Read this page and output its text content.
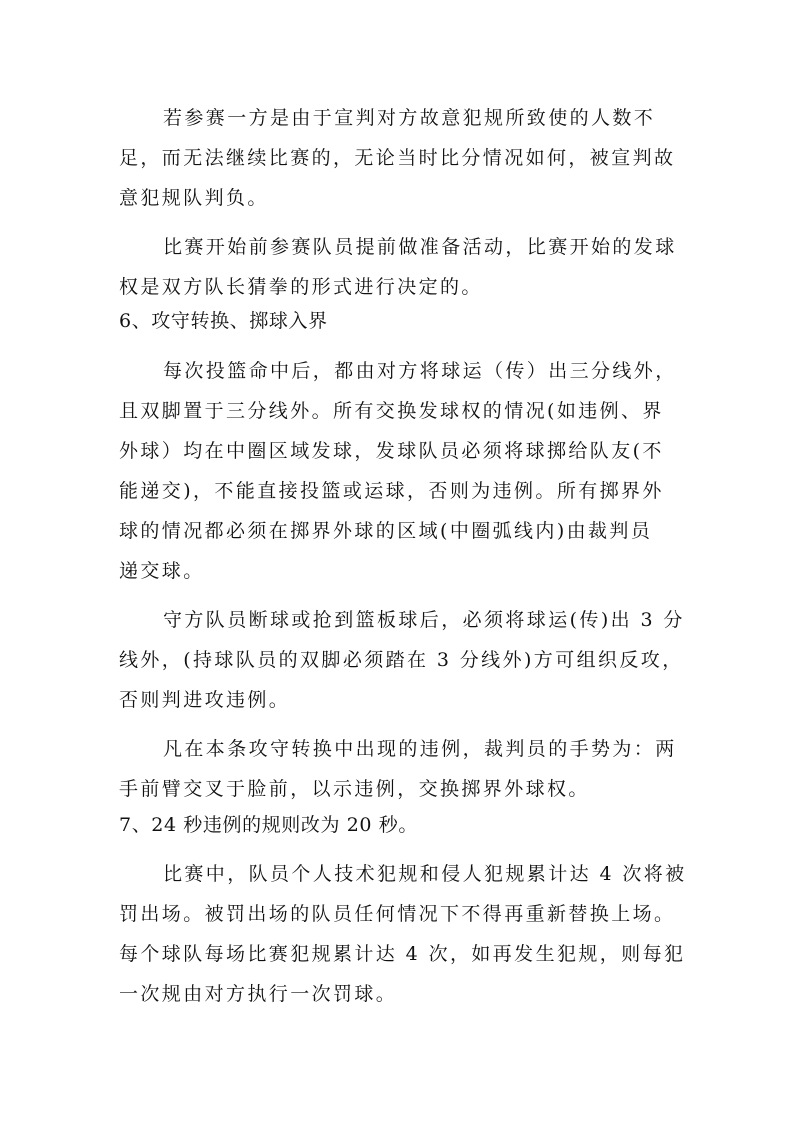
若参赛一方是由于宣判对方故意犯规所致使的人数不
足，而无法继续比赛的，无论当时比分情况如何，被宣判故
意犯规队判负。
比赛开始前参赛队员提前做准备活动，比赛开始的发球
权是双方队长猜拳的形式进行决定的。
6、攻守转换、掷球入界
每次投篮命中后，都由对方将球运（传）出三分线外，
且双脚置于三分线外。所有交换发球权的情况(如违例、界
外球）均在中圈区域发球，发球队员必须将球掷给队友(不
能递交)，不能直接投篮或运球，否则为违例。所有掷界外
球的情况都必须在掷界外球的区域(中圈弧线内)由裁判员
递交球。
守方队员断球或抢到篮板球后，必须将球运(传)出 3 分
线外，(持球队员的双脚必须踏在 3 分线外)方可组织反攻，
否则判进攻违例。
凡在本条攻守转换中出现的违例，裁判员的手势为：两
手前臂交叉于脸前，以示违例，交换掷界外球权。
7、24 秒违例的规则改为 20 秒。
比赛中，队员个人技术犯规和侵人犯规累计达 4 次将被
罚出场。被罚出场的队员任何情况下不得再重新替换上场。
每个球队每场比赛犯规累计达 4 次，如再发生犯规，则每犯
一次规由对方执行一次罚球。
